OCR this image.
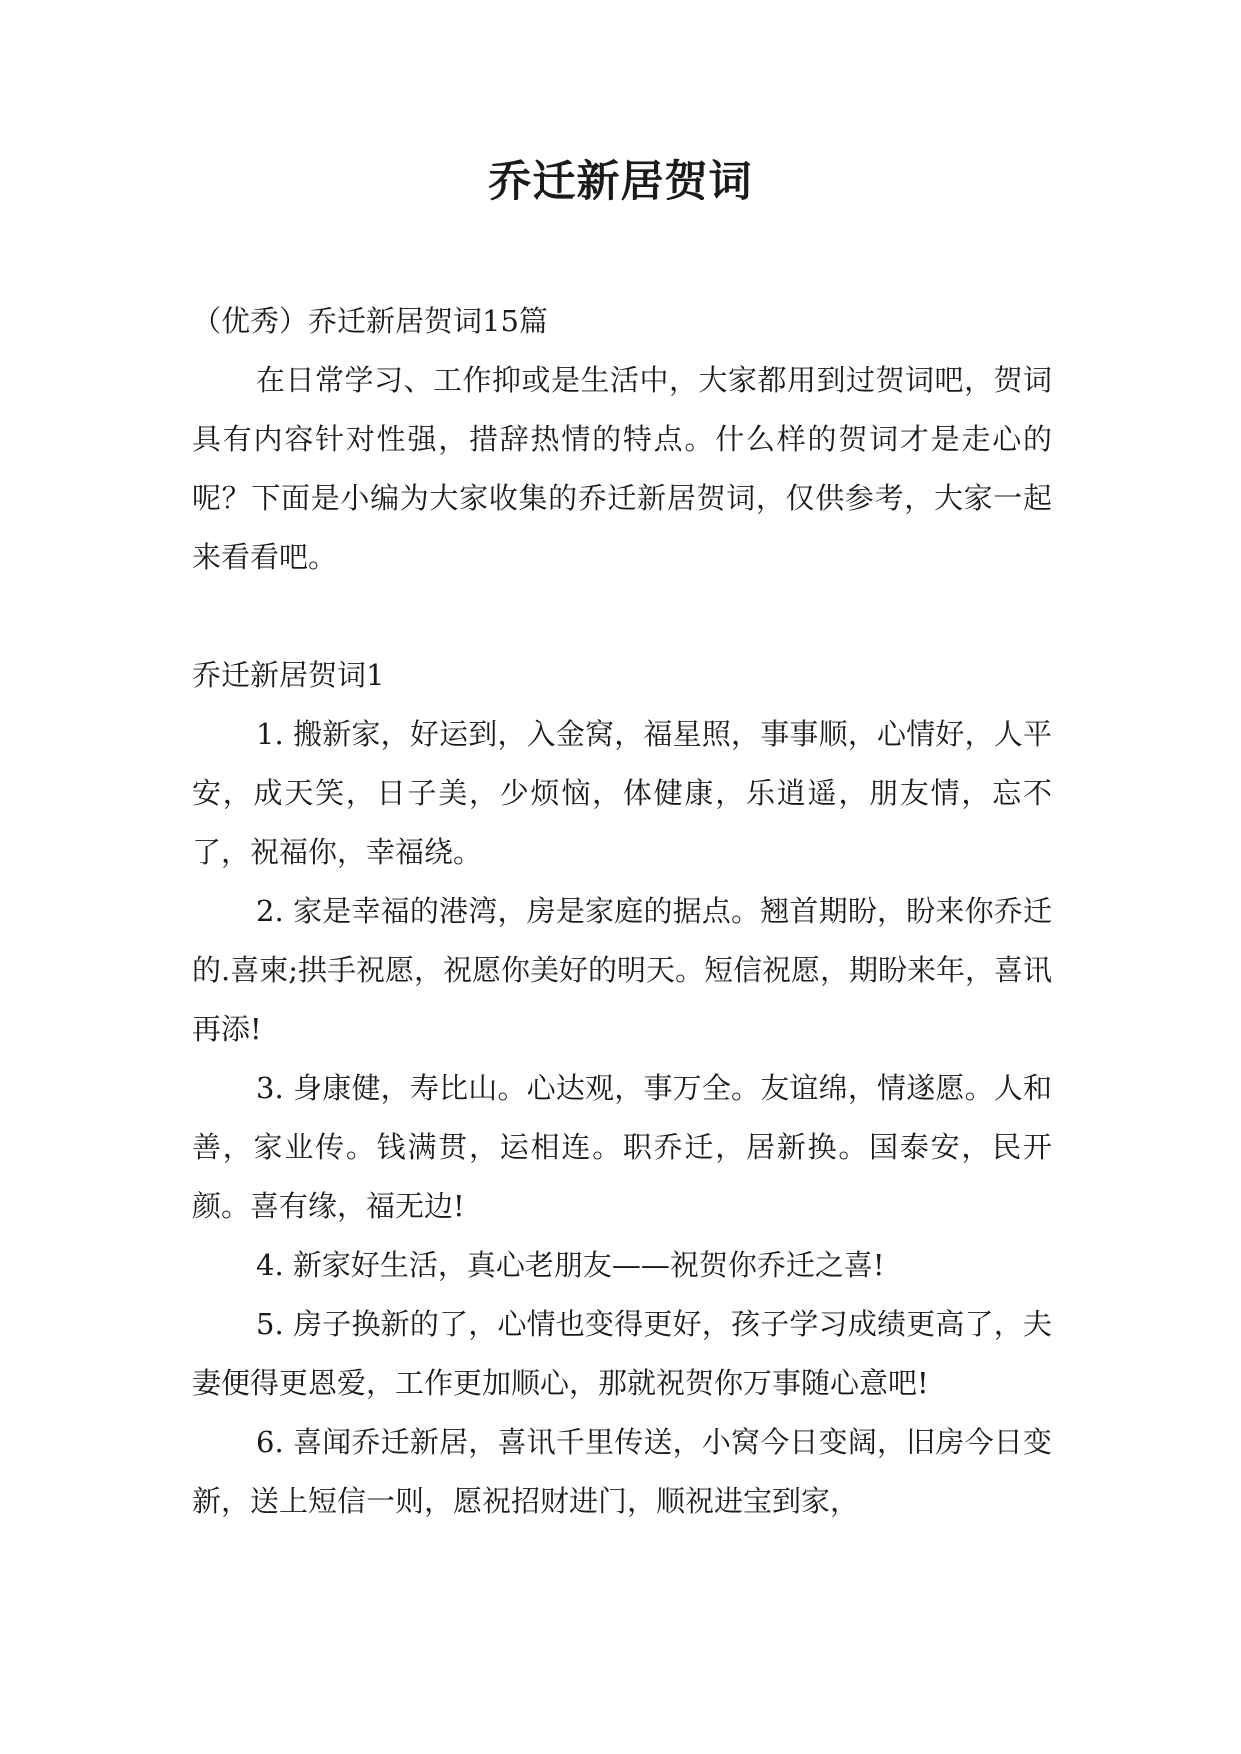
乔迁新居贺词

（优秀）乔迁新居贺词15篇

在日常学习、工作抑或是生活中，大家都用到过贺词吧，贺词具有内容针对性强，措辞热情的特点。什么样的贺词才是走心的呢？下面是小编为大家收集的乔迁新居贺词，仅供参考，大家一起来看看吧。

乔迁新居贺词1

1. 搬新家，好运到，入金窝，福星照，事事顺，心情好，人平安，成天笑，日子美，少烦恼，体健康，乐逍遥，朋友情，忘不了，祝福你，幸福绕。

2. 家是幸福的港湾，房是家庭的据点。翘首期盼，盼来你乔迁的.喜柬;拱手祝愿，祝愿你美好的明天。短信祝愿，期盼来年，喜讯再添!

3. 身康健，寿比山。心达观，事万全。友谊绵，情遂愿。人和善，家业传。钱满贯，运相连。职乔迁，居新换。国泰安，民开颜。喜有缘，福无边!

4. 新家好生活，真心老朋友——祝贺你乔迁之喜!

5. 房子换新的了，心情也变得更好，孩子学习成绩更高了，夫妻便得更恩爱，工作更加顺心，那就祝贺你万事随心意吧!

6. 喜闻乔迁新居，喜讯千里传送，小窝今日变阔，旧房今日变新，送上短信一则，愿祝招财进门，顺祝进宝到家，
